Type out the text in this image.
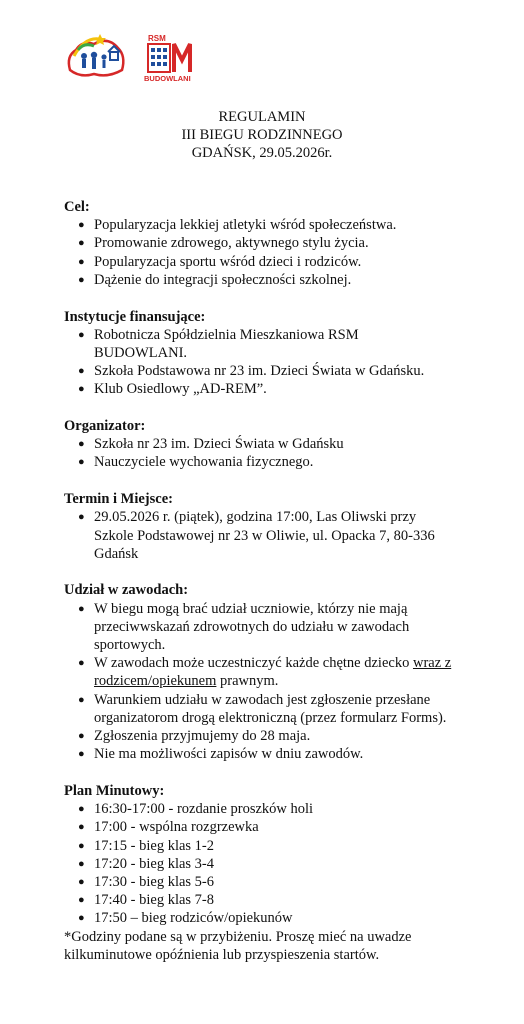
RSM
BUDOWLANI
REGULAMIN
III BIEGU RODZINNEGO
GDAŃSK, 29.05.2026r.
Cel:
● Popularyzacja lekkiej atletyki wśród społeczeństwa.
● Promowanie zdrowego, aktywnego stylu życia.
● Popularyzacja sportu wśród dzieci i rodziców.
● Dążenie do integracji społeczności szkolnej.
Instytucje finansujące:
● Robotnicza Spółdzielnia Mieszkaniowa RSM BUDOWLANI.
● Szkoła Podstawowa nr 23 im. Dzieci Świata w Gdańsku.
● Klub Osiedlowy „AD-REM”.
Organizator:
● Szkoła nr 23 im. Dzieci Świata w Gdańsku
● Nauczyciele wychowania fizycznego.
Termin i Miejsce:
● 29.05.2026 r. (piątek), godzina 17:00, Las Oliwski przy Szkole Podstawowej nr 23 w Oliwie, ul. Opacka 7, 80-336 Gdańsk
Udział w zawodach:
● W biegu mogą brać udział uczniowie, którzy nie mają przeciwwskazań zdrowotnych do udziału w zawodach sportowych.
● W zawodach może uczestniczyć każde chętne dziecko wraz z rodzicem/opiekunem prawnym.
● Warunkiem udziału w zawodach jest zgłoszenie przesłane organizatorom drogą elektroniczną (przez formularz Forms).
● Zgłoszenia przyjmujemy do 28 maja.
● Nie ma możliwości zapisów w dniu zawodów.
Plan Minutowy:
● 16:30-17:00 - rozdanie proszków holi
● 17:00 - wspólna rozgrzewka
● 17:15 - bieg klas 1-2
● 17:20 - bieg klas 3-4
● 17:30 - bieg klas 5-6
● 17:40 - bieg klas 7-8
● 17:50 – bieg rodziców/opiekunów

*Godziny podane są w przybiżeniu. Proszę mieć na uwadze kilkuminutowe opóźnienia lub przyspieszenia startów.
